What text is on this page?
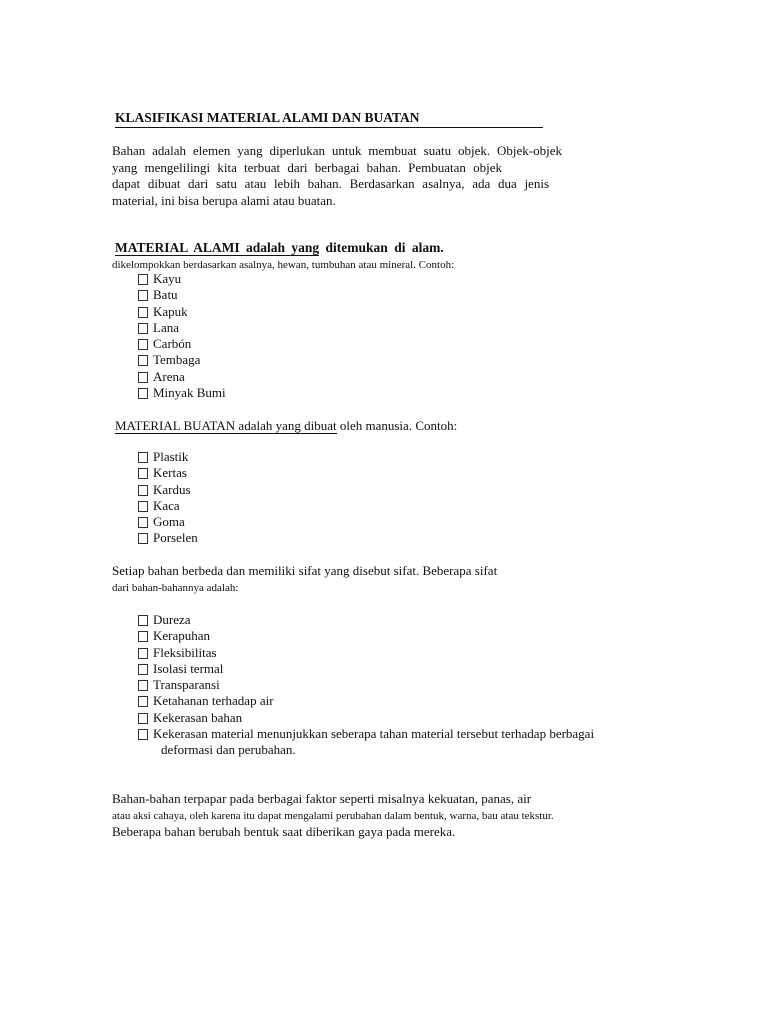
KLASIFIKASI MATERIAL ALAMI DAN BUATAN
Bahan adalah elemen yang diperlukan untuk membuat suatu objek. Objek-objek
yang mengelilingi kita terbuat dari berbagai bahan. Pembuatan objek
dapat dibuat dari satu atau lebih bahan. Berdasarkan asalnya, ada dua jenis
material, ini bisa berupa alami atau buatan.
MATERIAL ALAMI adalah yang ditemukan di alam.
dikelompokkan berdasarkan asalnya, hewan, tumbuhan atau mineral. Contoh:
Kayu
Batu
Kapuk
Lana
Carbón
Tembaga
Arena
Minyak Bumi
MATERIAL BUATAN adalah yang dibuat oleh manusia. Contoh:
Plastik
Kertas
Kardus
Kaca
Goma
Porselen
Setiap bahan berbeda dan memiliki sifat yang disebut sifat. Beberapa sifat
dari bahan-bahannya adalah:
Dureza
Kerapuhan
Fleksibilitas
Isolasi termal
Transparansi
Ketahanan terhadap air
Kekerasan bahan
Kekerasan material menunjukkan seberapa tahan material tersebut terhadap berbagai
deformasi dan perubahan.
Bahan-bahan terpapar pada berbagai faktor seperti misalnya kekuatan, panas, air
atau aksi cahaya, oleh karena itu dapat mengalami perubahan dalam bentuk, warna, bau atau tekstur.
Beberapa bahan berubah bentuk saat diberikan gaya pada mereka.
